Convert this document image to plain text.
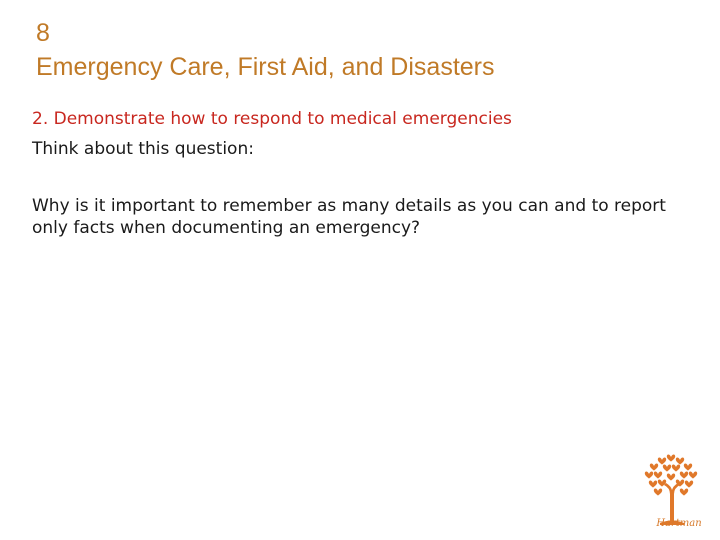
8
Emergency Care, First Aid, and Disasters
2. Demonstrate how to respond to medical emergencies
Think about this question:
Why is it important to remember as many details as you can and to report only facts when documenting an emergency?
Hartman
